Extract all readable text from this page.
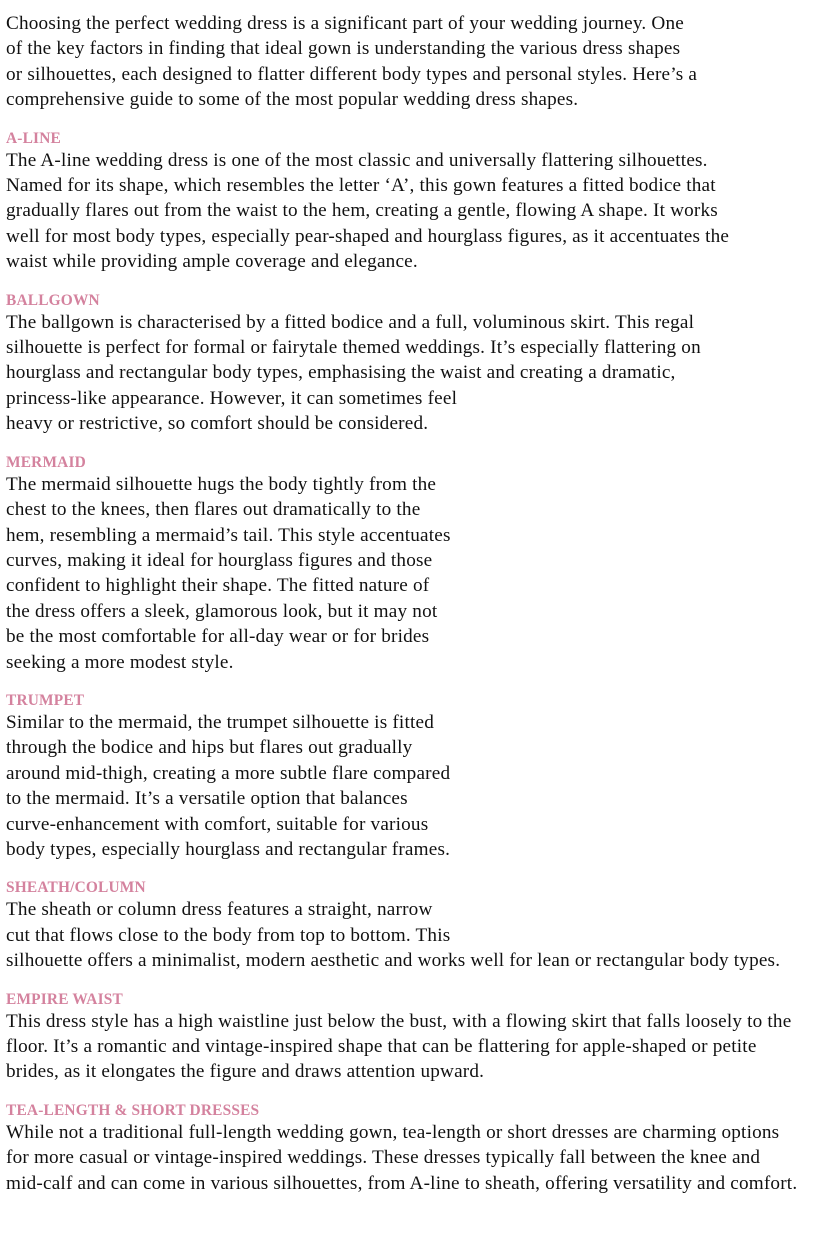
Choosing the perfect wedding dress is a significant part of your wedding journey. One
of the key factors in finding that ideal gown is understanding the various dress shapes
or silhouettes, each designed to flatter different body types and personal styles. Here’s a
comprehensive guide to some of the most popular wedding dress shapes.

A-LINE

The A-line wedding dress is one of the most classic and universally flattering silhouettes.
Named for its shape, which resembles the letter ‘A’, this gown features a fitted bodice that
gradually flares out from the waist to the hem, creating a gentle, flowing A shape. It works
well for most body types, especially pear-shaped and hourglass figures, as it accentuates the
waist while providing ample coverage and elegance.

BALLGOWN

The ballgown is characterised by a fitted bodice and a full, voluminous skirt. This regal
silhouette is perfect for formal or fairytale themed weddings. It’s especially flattering on
hourglass and rectangular body types, emphasising the waist and creating a dramatic,
princess-like appearance. However, it can sometimes feel
heavy or restrictive, so comfort should be considered.

MERMAID

The mermaid silhouette hugs the body tightly from the
chest to the knees, then flares out dramatically to the
hem, resembling a mermaid’s tail. This style accentuates
curves, making it ideal for hourglass figures and those
confident to highlight their shape. The fitted nature of
the dress offers a sleek, glamorous look, but it may not
be the most comfortable for all-day wear or for brides
seeking a more modest style.

TRUMPET

Similar to the mermaid, the trumpet silhouette is fitted
through the bodice and hips but flares out gradually
around mid-thigh, creating a more subtle flare compared
to the mermaid. It’s a versatile option that balances
curve-enhancement with comfort, suitable for various
body types, especially hourglass and rectangular frames.

SHEATH/COLUMN

The sheath or column dress features a straight, narrow
cut that flows close to the body from top to bottom. This
silhouette offers a minimalist, modern aesthetic and works well for lean or rectangular body types.

EMPIRE WAIST

This dress style has a high waistline just below the bust, with a flowing skirt that falls loosely to the
floor. It’s a romantic and vintage-inspired shape that can be flattering for apple-shaped or petite
brides, as it elongates the figure and draws attention upward.

TEA-LENGTH & SHORT DRESSES

While not a traditional full-length wedding gown, tea-length or short dresses are charming options
for more casual or vintage-inspired weddings. These dresses typically fall between the knee and
mid-calf and can come in various silhouettes, from A-line to sheath, offering versatility and comfort.
